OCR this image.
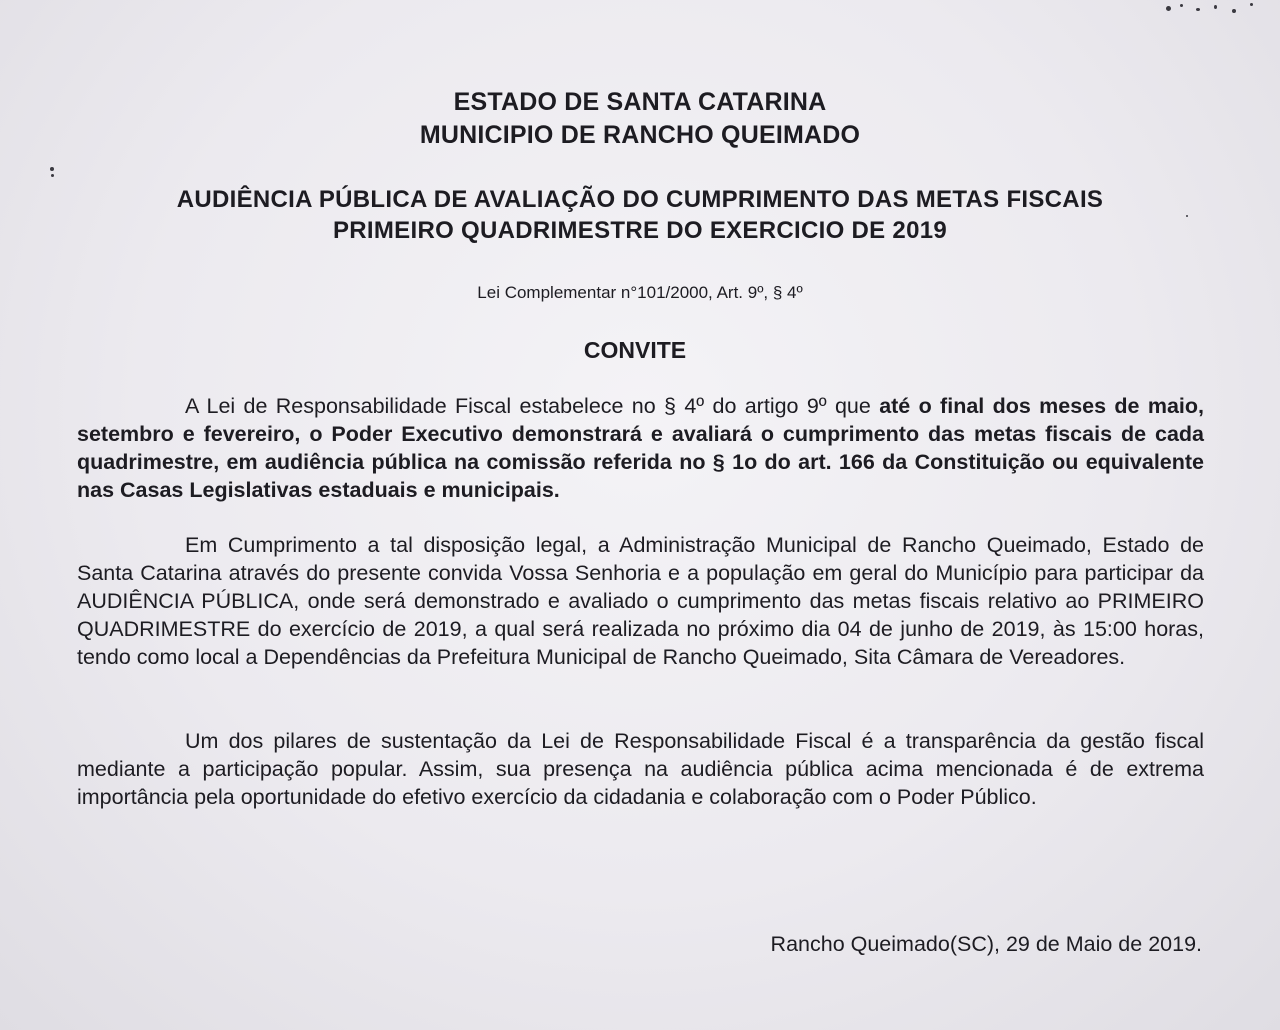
ESTADO DE SANTA CATARINA
MUNICIPIO DE RANCHO QUEIMADO
AUDIÊNCIA PÚBLICA DE AVALIAÇÃO DO CUMPRIMENTO DAS METAS FISCAIS
PRIMEIRO QUADRIMESTRE DO EXERCICIO DE 2019
Lei Complementar n°101/2000, Art. 9º, § 4º
CONVITE

A Lei de Responsabilidade Fiscal estabelece no § 4º do artigo 9º que até o final dos meses de maio, setembro e fevereiro, o Poder Executivo demonstrará e avaliará o cumprimento das metas fiscais de cada quadrimestre, em audiência pública na comissão referida no § 1o do art. 166 da Constituição ou equivalente nas Casas Legislativas estaduais e municipais.

Em Cumprimento a tal disposição legal, a Administração Municipal de Rancho Queimado, Estado de Santa Catarina através do presente convida Vossa Senhoria e a população em geral do Município para participar da AUDIÊNCIA PÚBLICA, onde será demonstrado e avaliado o cumprimento das metas fiscais relativo ao PRIMEIRO QUADRIMESTRE do exercício de 2019, a qual será realizada no próximo dia 04 de junho de 2019, às 15:00 horas, tendo como local a Dependências da Prefeitura Municipal de Rancho Queimado, Sita Câmara de Vereadores.

Um dos pilares de sustentação da Lei de Responsabilidade Fiscal é a transparência da gestão fiscal mediante a participação popular. Assim, sua presença na audiência pública acima mencionada é de extrema importância pela oportunidade do efetivo exercício da cidadania e colaboração com o Poder Público.

Rancho Queimado(SC), 29 de Maio de 2019.
